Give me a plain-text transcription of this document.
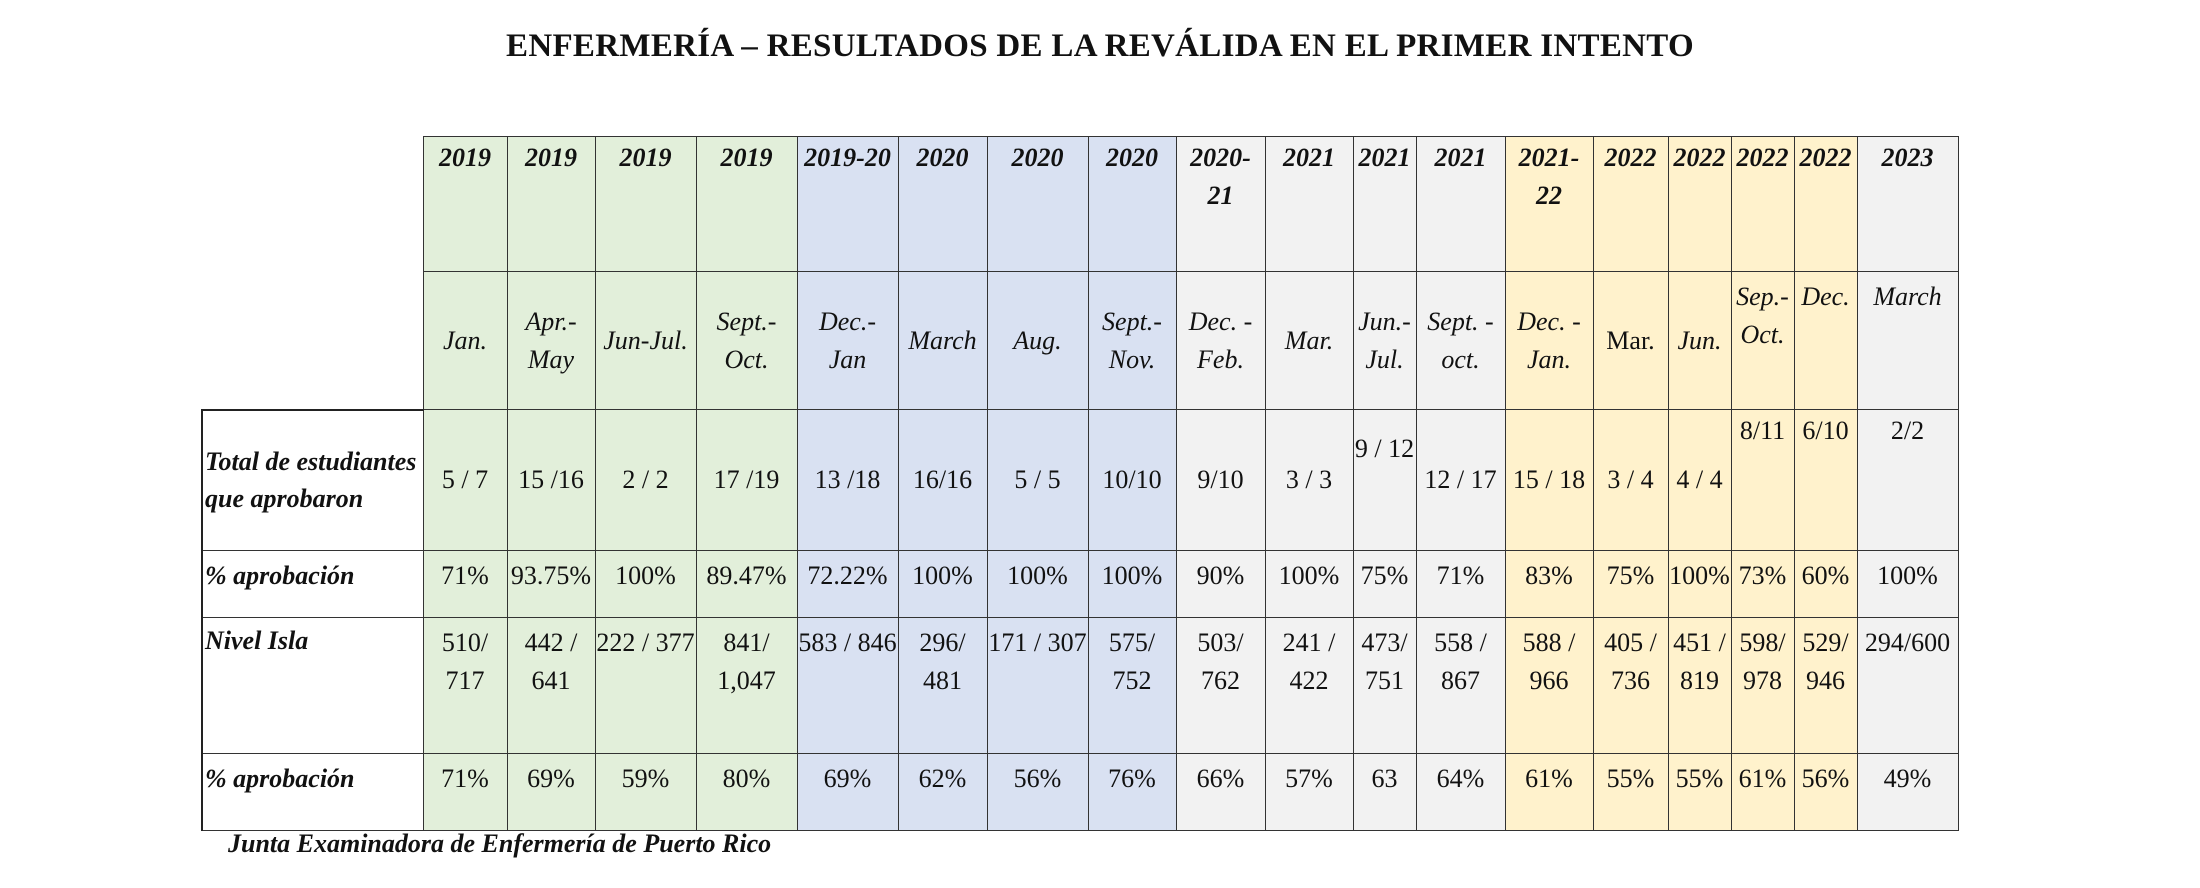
ENFERMERÍA – RESULTADOS DE LA REVÁLIDA EN EL PRIMER INTENTO
	2019	2019	2019	2019	2019-20	2020	2020	2020	2020- 21	2021	2021	2021	2021- 22	2022	2022	2022	2022	2023
	Jan.	Apr.- May	Jun-Jul.	Sept.- Oct.	Dec.- Jan	March	Aug.	Sept.- Nov.	Dec. - Feb.	Mar.	Jun.- Jul.	Sept. - oct.	Dec. - Jan.	Mar.	Jun.	Sep.- Oct.	Dec.	March
Total de estudiantes que aprobaron	5 / 7	15 /16	2 / 2	17 /19	13 /18	16/16	5 / 5	10/10	9/10	3 / 3	9 / 12	12 / 17	15 / 18	3 / 4	4 / 4	8/11	6/10	2/2
% aprobación	71%	93.75%	100%	89.47%	72.22%	100%	100%	100%	90%	100%	75%	71%	83%	75%	100%	73%	60%	100%
Nivel Isla	510/ 717	442 / 641	222 / 377	841/ 1,047	583 / 846	296/ 481	171 / 307	575/ 752	503/ 762	241 / 422	473/ 751	558 / 867	588 / 966	405 / 736	451 / 819	598/ 978	529/ 946	294/600
% aprobación	71%	69%	59%	80%	69%	62%	56%	76%	66%	57%	63	64%	61%	55%	55%	61%	56%	49%
Junta Examinadora de Enfermería de Puerto Rico
